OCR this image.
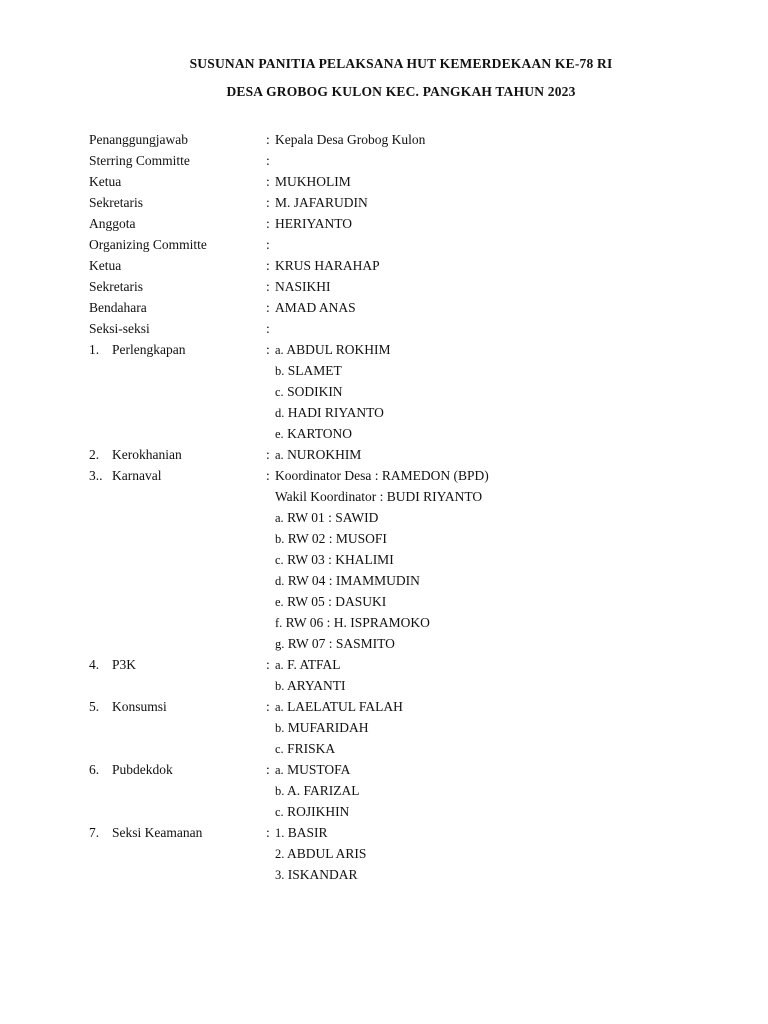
SUSUNAN PANITIA PELAKSANA HUT KEMERDEKAAN KE-78 RI
DESA GROBOG KULON KEC. PANGKAH TAHUN 2023
Penanggungjawab	: Kepala Desa Grobog Kulon
Sterring Committe	:
Ketua	: MUKHOLIM
Sekretaris	: M. JAFARUDIN
Anggota	: HERIYANTO
Organizing Committe	:
Ketua	: KRUS HARAHAP
Sekretaris	: NASIKHI
Bendahara	: AMAD ANAS
Seksi-seksi	:
1. Perlengkapan	: a. ABDUL ROKHIM
b. SLAMET
c. SODIKIN
d. HADI RIYANTO
e. KARTONO
2. Kerokhanian	: a. NUROKHIM
3.. Karnaval	: Koordinator Desa : RAMEDON (BPD)
Wakil Koordinator : BUDI RIYANTO
a. RW 01 : SAWID
b. RW 02 : MUSOFI
c. RW 03 : KHALIMI
d. RW 04 : IMAMMUDIN
e. RW 05 : DASUKI
f. RW 06 : H. ISPRAMOKO
g. RW 07 : SASMITO
4. P3K	: a. F. ATFAL
b. ARYANTI
5. Konsumsi	: a. LAELATUL FALAH
b. MUFARIDAH
c. FRISKA
6. Pubdekdok	: a. MUSTOFA
b. A. FARIZAL
c. ROJIKHIN
7. Seksi Keamanan	: 1. BASIR
2. ABDUL ARIS
3. ISKANDAR
